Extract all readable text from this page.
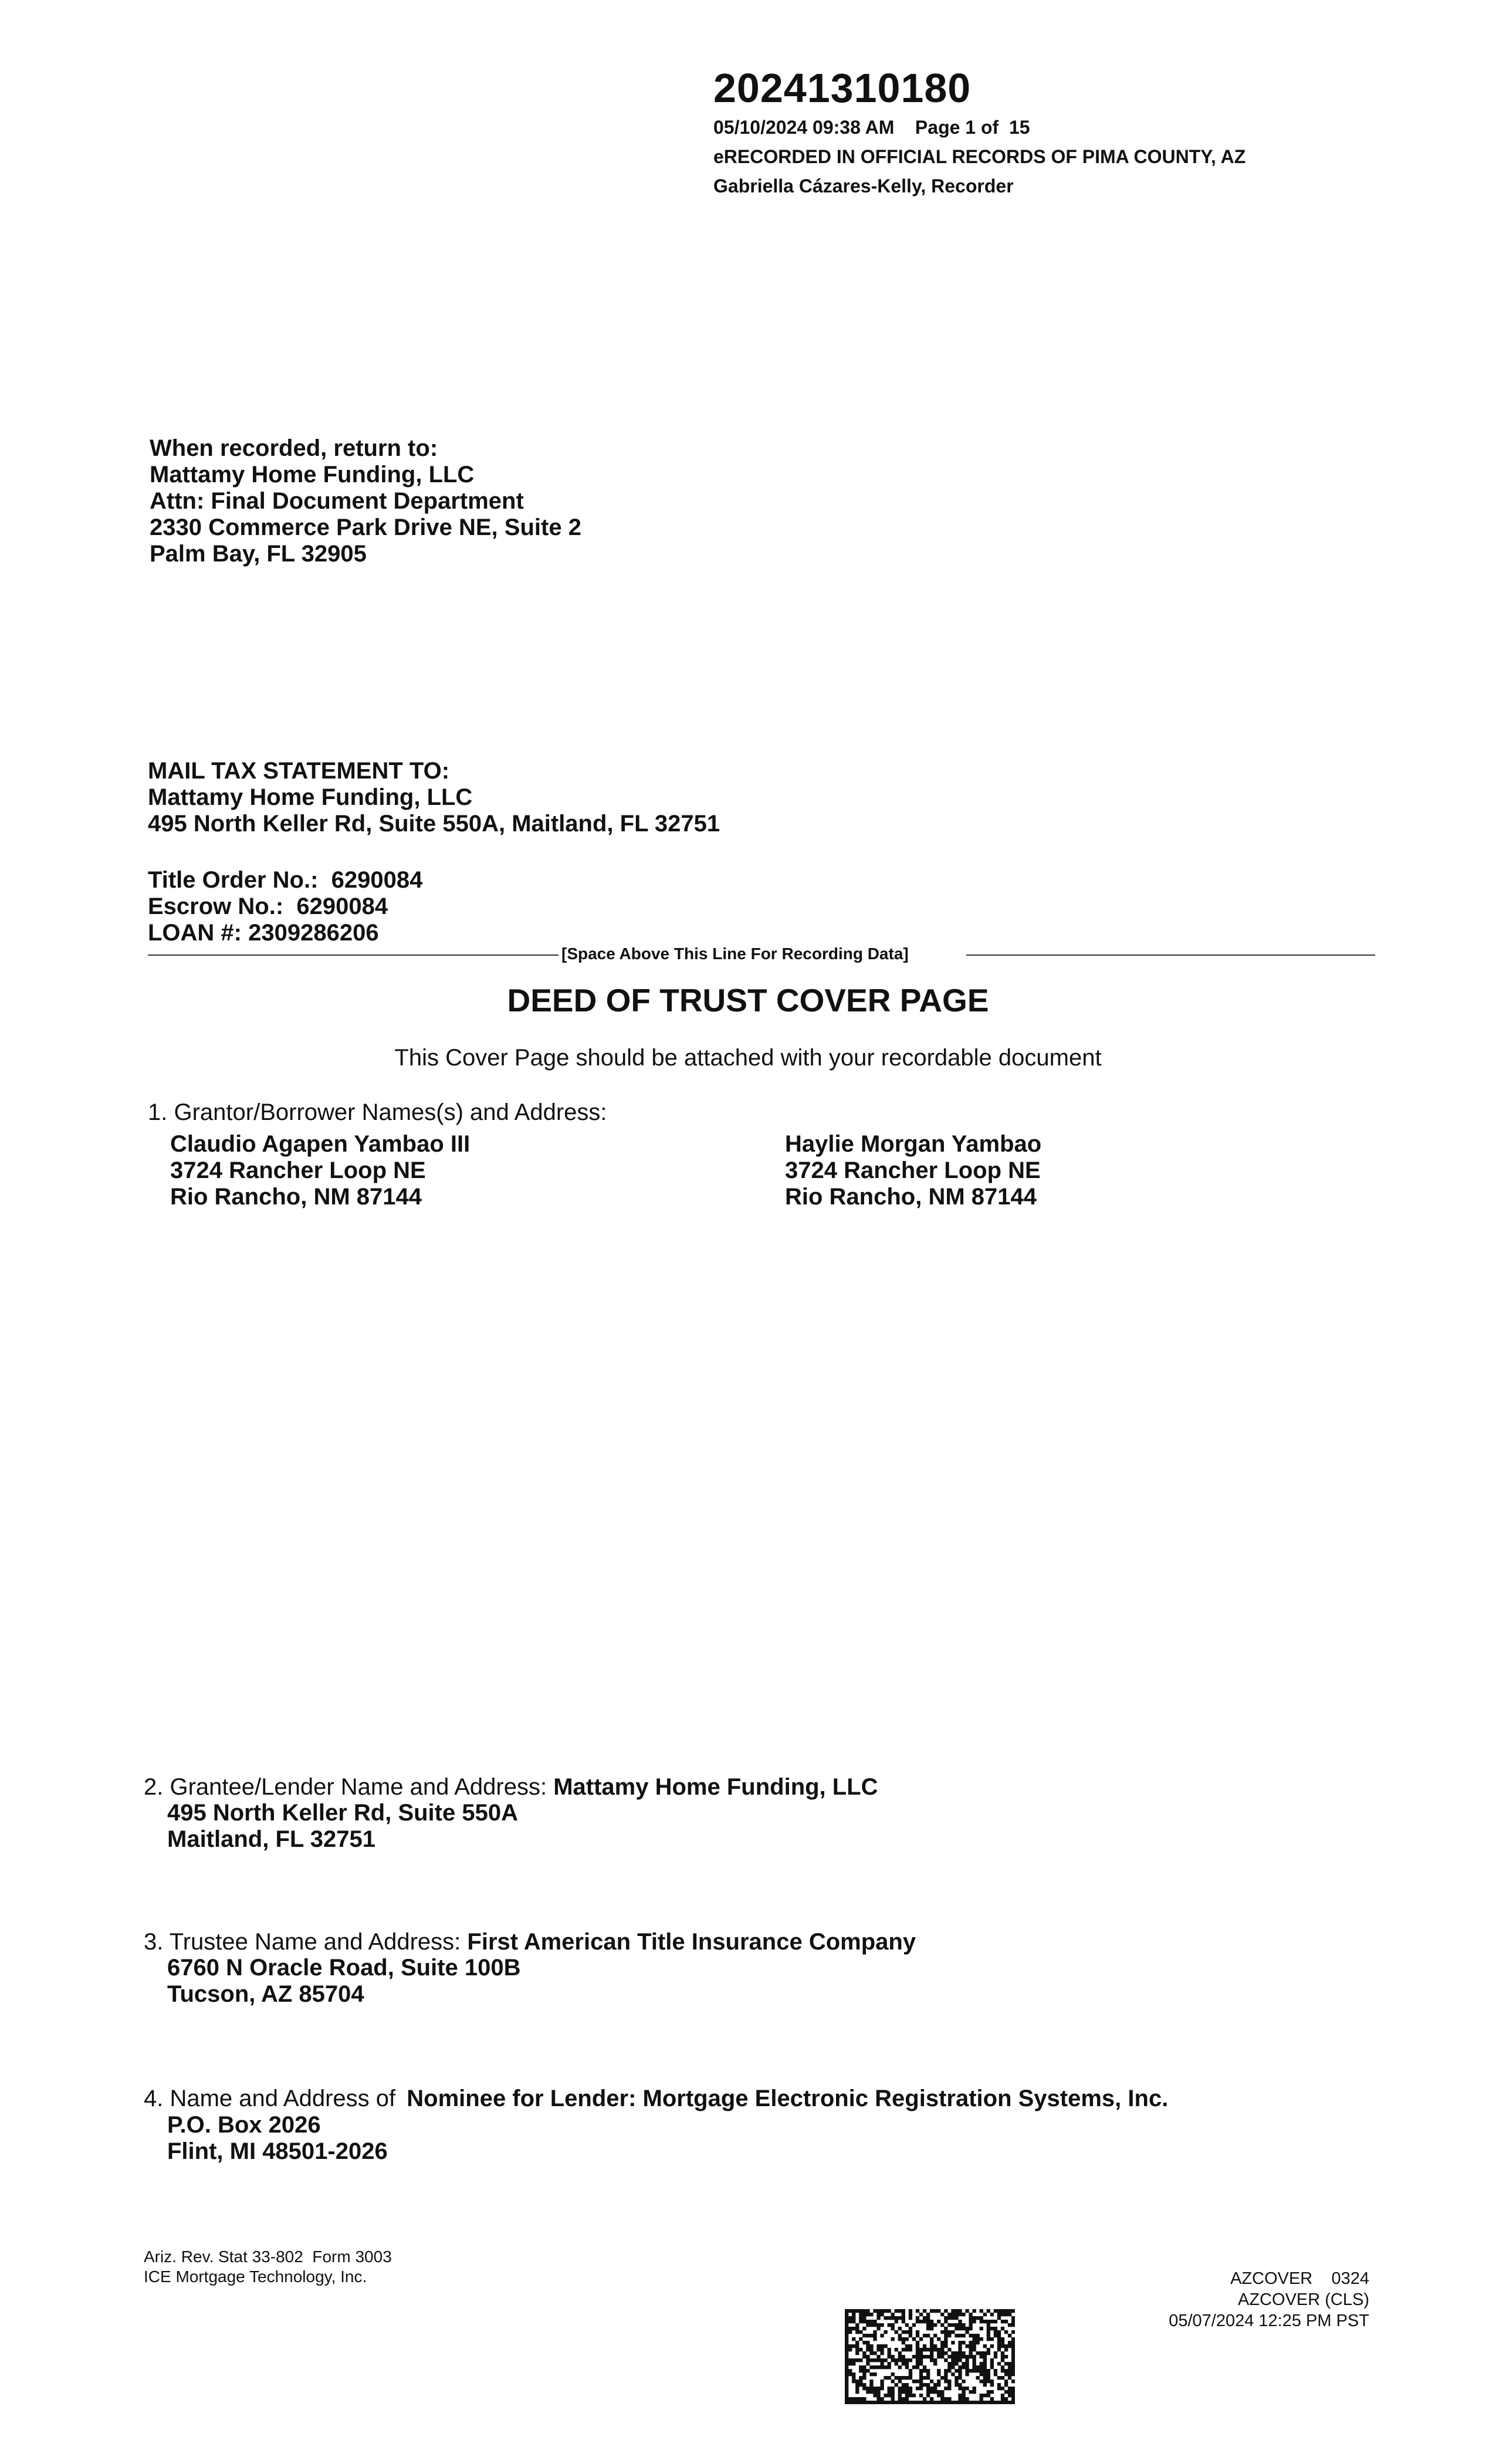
20241310180
05/10/2024 09:38 AM    Page 1 of  15
eRECORDED IN OFFICIAL RECORDS OF PIMA COUNTY, AZ
Gabriella Cázares-Kelly, Recorder
When recorded, return to:
Mattamy Home Funding, LLC
Attn: Final Document Department
2330 Commerce Park Drive NE, Suite 2
Palm Bay, FL 32905
MAIL TAX STATEMENT TO:
Mattamy Home Funding, LLC
495 North Keller Rd, Suite 550A, Maitland, FL 32751
Title Order No.:  6290084
Escrow No.:  6290084
LOAN #: 2309286206
[Space Above This Line For Recording Data]
DEED OF TRUST COVER PAGE
This Cover Page should be attached with your recordable document
1. Grantor/Borrower Names(s) and Address:
Claudio Agapen Yambao III
3724 Rancher Loop NE
Rio Rancho, NM 87144
Haylie Morgan Yambao
3724 Rancher Loop NE
Rio Rancho, NM 87144
2. Grantee/Lender Name and Address: Mattamy Home Funding, LLC
495 North Keller Rd, Suite 550A
Maitland, FL 32751
3. Trustee Name and Address: First American Title Insurance Company
6760 N Oracle Road, Suite 100B
Tucson, AZ 85704
4. Name and Address of Nominee for Lender: Mortgage Electronic Registration Systems, Inc.
P.O. Box 2026
Flint, MI 48501-2026
Ariz. Rev. Stat 33-802  Form 3003
ICE Mortgage Technology, Inc.	AZCOVER    0324
AZCOVER (CLS)
05/07/2024 12:25 PM PST
